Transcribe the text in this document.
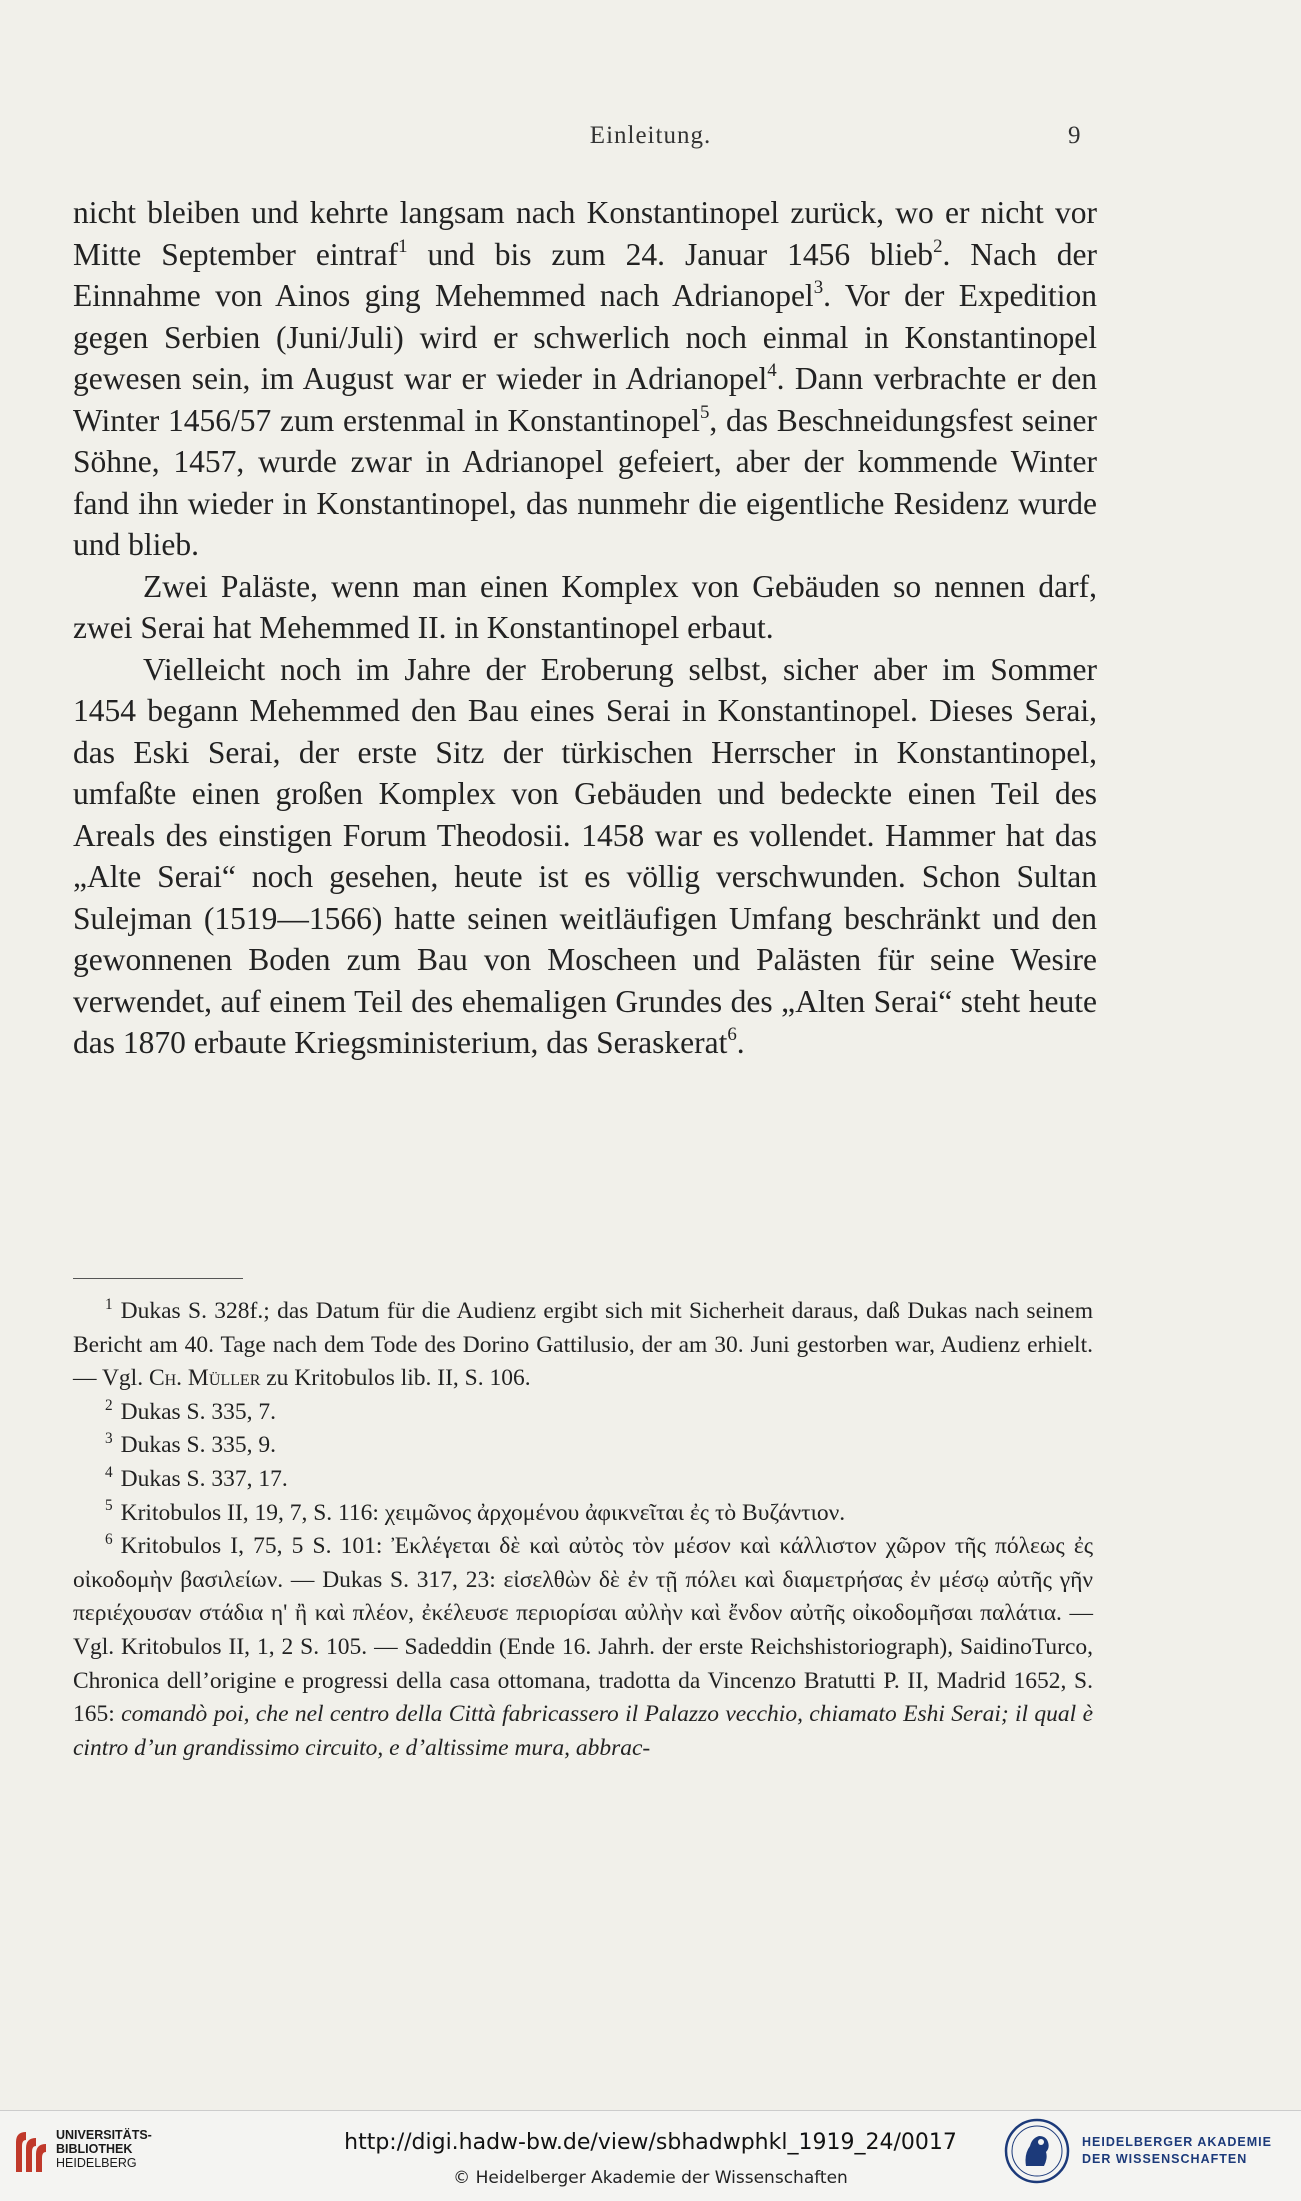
Einleitung.	9

nicht bleiben und kehrte langsam nach Konstantinopel zurück, wo er nicht vor Mitte September eintraf$^1$ und bis zum 24. Januar 1456 blieb$^2$. Nach der Einnahme von Ainos ging Mehemmed nach Adrianopel$^3$. Vor der Expedition gegen Serbien (Juni/Juli) wird er schwerlich noch einmal in Konstantinopel gewesen sein, im August war er wieder in Adrianopel$^4$. Dann verbrachte er den Winter 1456/57 zum erstenmal in Konstantinopel$^5$, das Beschneidungsfest seiner Söhne, 1457, wurde zwar in Adrianopel gefeiert, aber der kommende Winter fand ihn wieder in Konstantinopel, das nunmehr die eigentliche Residenz wurde und blieb.

Zwei Paläste, wenn man einen Komplex von Gebäuden so nennen darf, zwei Serai hat Mehemmed II. in Konstantinopel erbaut.

Vielleicht noch im Jahre der Eroberung selbst, sicher aber im Sommer 1454 begann Mehemmed den Bau eines Serai in Konstantinopel. Dieses Serai, das Eski Serai, der erste Sitz der türkischen Herrscher in Konstantinopel, umfaßte einen großen Komplex von Gebäuden und bedeckte einen Teil des Areals des einstigen Forum Theodosii. 1458 war es vollendet. Hammer hat das „Alte Serai“ noch gesehen, heute ist es völlig verschwunden. Schon Sultan Sulejman (1519—1566) hatte seinen weitläufigen Umfang beschränkt und den gewonnenen Boden zum Bau von Moscheen und Palästen für seine Wesire verwendet, auf einem Teil des ehemaligen Grundes des „Alten Serai“ steht heute das 1870 erbaute Kriegsministerium, das Seraskerat$^6$.

$^1$ Dukas S. 328f.; das Datum für die Audienz ergibt sich mit Sicherheit daraus, daß Dukas nach seinem Bericht am 40. Tage nach dem Tode des Dorino Gattilusio, der am 30. Juni gestorben war, Audienz erhielt. — Vgl. Ch. Müller zu Kritobulos lib. II, S. 106.

$^2$ Dukas S. 335, 7.

$^3$ Dukas S. 335, 9.

$^4$ Dukas S. 337, 17.

$^5$ Kritobulos II, 19, 7, S. 116: χειμῶνος ἀρχομένου ἀφικνεῖται ἐς τὸ Βυζάντιον.

$^6$ Kritobulos I, 75, 5 S. 101: Ἐκλέγεται δὲ καὶ αὐτὸς τὸν μέσον καὶ κάλλιστον χῶρον τῆς πόλεως ἐς οἰκοδομὴν βασιλείων. — Dukas S. 317, 23: εἰσελθὼν δὲ ἐν τῇ πόλει καὶ διαμετρήσας ἐν μέσῳ αὐτῆς γῆν περιέχουσαν στάδια η' ἢ καὶ πλέον, ἐκέλευσε περιορίσαι αὐλὴν καὶ ἔνδον αὐτῆς οἰκοδομῆσαι παλάτια. — Vgl. Kritobulos II, 1, 2 S. 105. — Sadeddin (Ende 16. Jahrh. der erste Reichshistoriograph), SaidinoTurco, Chronica dell’origine e progressi della casa ottomana, tradotta da Vincenzo Bratutti P. II, Madrid 1652, S. 165: comandò poi, che nel centro della Città fabricassero il Palazzo vecchio, chiamato Eshi Serai; il qual è cintro d’un grandissimo circuito, e d’altissime mura, abbrac-

UNIVERSITÄTS-
BIBLIOTHEK
HEIDELBERG
http://digi.hadw-bw.de/view/sbhadwphkl_1919_24/0017
© Heidelberger Akademie der Wissenschaften
HEIDELBERGER AKADEMIE
DER WISSENSCHAFTEN
